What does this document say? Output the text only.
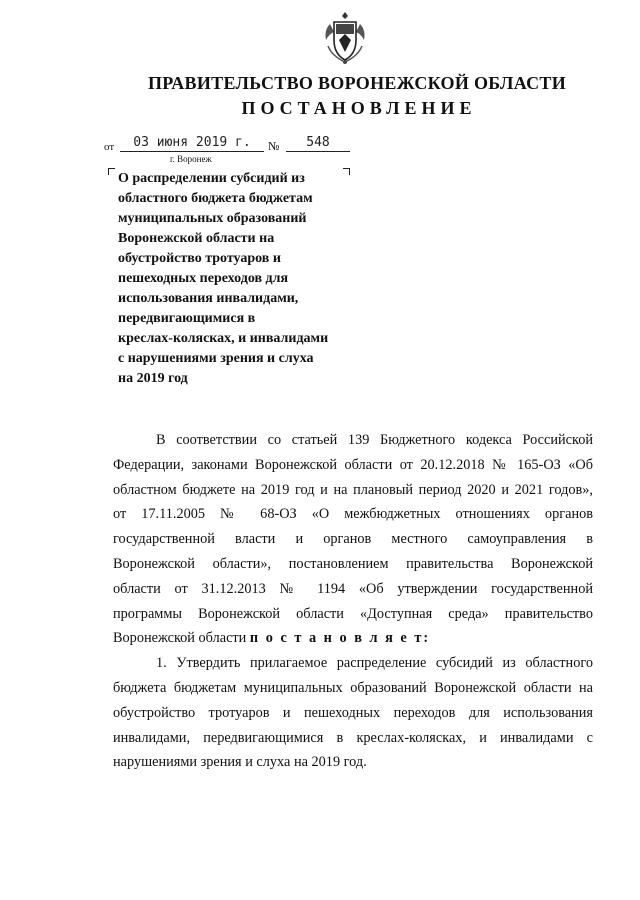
ПРАВИТЕЛЬСТВО ВОРОНЕЖСКОЙ ОБЛАСТИ
ПОСТАНОВЛЕНИЕ
от	03 июня 2019 г.	№	548
г. Воронеж
О распределении субсидий из
областного бюджета бюджетам
муниципальных образований
Воронежской области на
обустройство тротуаров и
пешеходных переходов для
использования инвалидами,
передвигающимися в
креслах-колясках, и инвалидами
с нарушениями зрения и слуха
на 2019 год
В соответствии со статьей 139 Бюджетного кодекса Российской
Федерации, законами Воронежской области от 20.12.2018 № 165-ОЗ «Об
областном бюджете на 2019 год и на плановый период 2020 и 2021 годов»,
от 17.11.2005 № 68-ОЗ «О межбюджетных отношениях органов
государственной власти и органов местного самоуправления в
Воронежской области», постановлением правительства Воронежской
области от 31.12.2013 № 1194 «Об утверждении государственной
программы Воронежской области «Доступная среда» правительство
Воронежской области п о с т а н о в л я е т:
1. Утвердить прилагаемое распределение субсидий из областного
бюджета бюджетам муниципальных образований Воронежской области на
обустройство тротуаров и пешеходных переходов для использования
инвалидами, передвигающимися в креслах-колясках, и инвалидами с
нарушениями зрения и слуха на 2019 год.
